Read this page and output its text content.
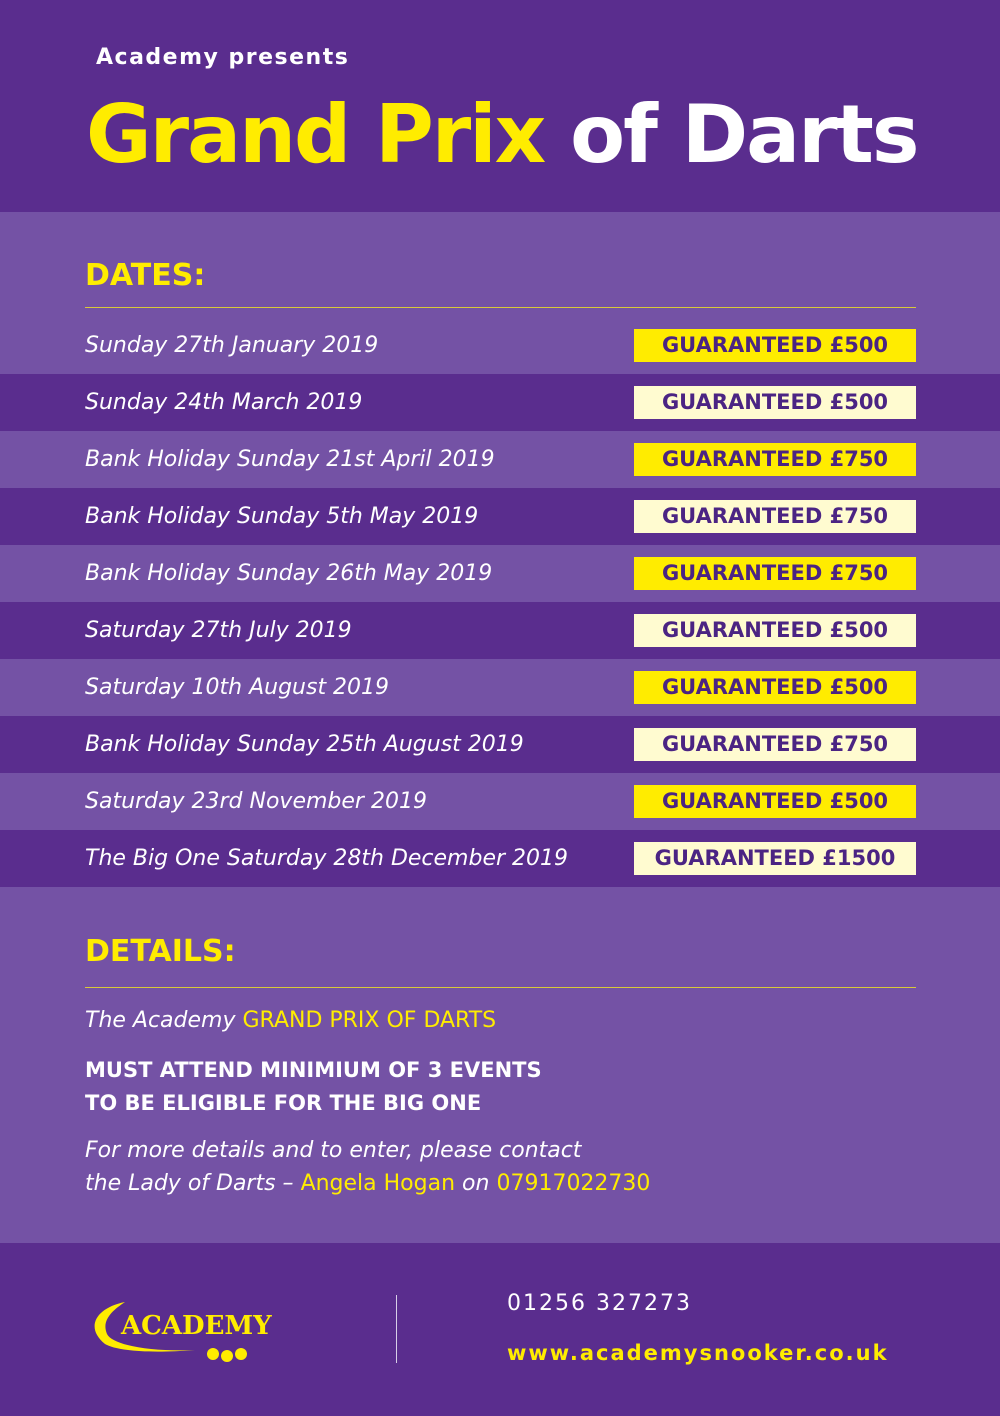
Academy presents
Grand Prix of Darts
DATES:
Sunday 27th January 2019	GUARANTEED £500
Sunday 24th March 2019	GUARANTEED £500
Bank Holiday Sunday 21st April 2019	GUARANTEED £750
Bank Holiday Sunday 5th May 2019	GUARANTEED £750
Bank Holiday Sunday 26th May 2019	GUARANTEED £750
Saturday 27th July 2019	GUARANTEED £500
Saturday 10th August 2019	GUARANTEED £500
Bank Holiday Sunday 25th August 2019	GUARANTEED £750
Saturday 23rd November 2019	GUARANTEED £500
The Big One Saturday 28th December 2019	GUARANTEED £1500
DETAILS:
The Academy GRAND PRIX OF DARTS
MUST ATTEND MINIMIUM OF 3 EVENTS
TO BE ELIGIBLE FOR THE BIG ONE
For more details and to enter, please contact
the Lady of Darts – Angela Hogan on 07917022730
ACADEMY
01256 327273
www.academysnooker.co.uk
